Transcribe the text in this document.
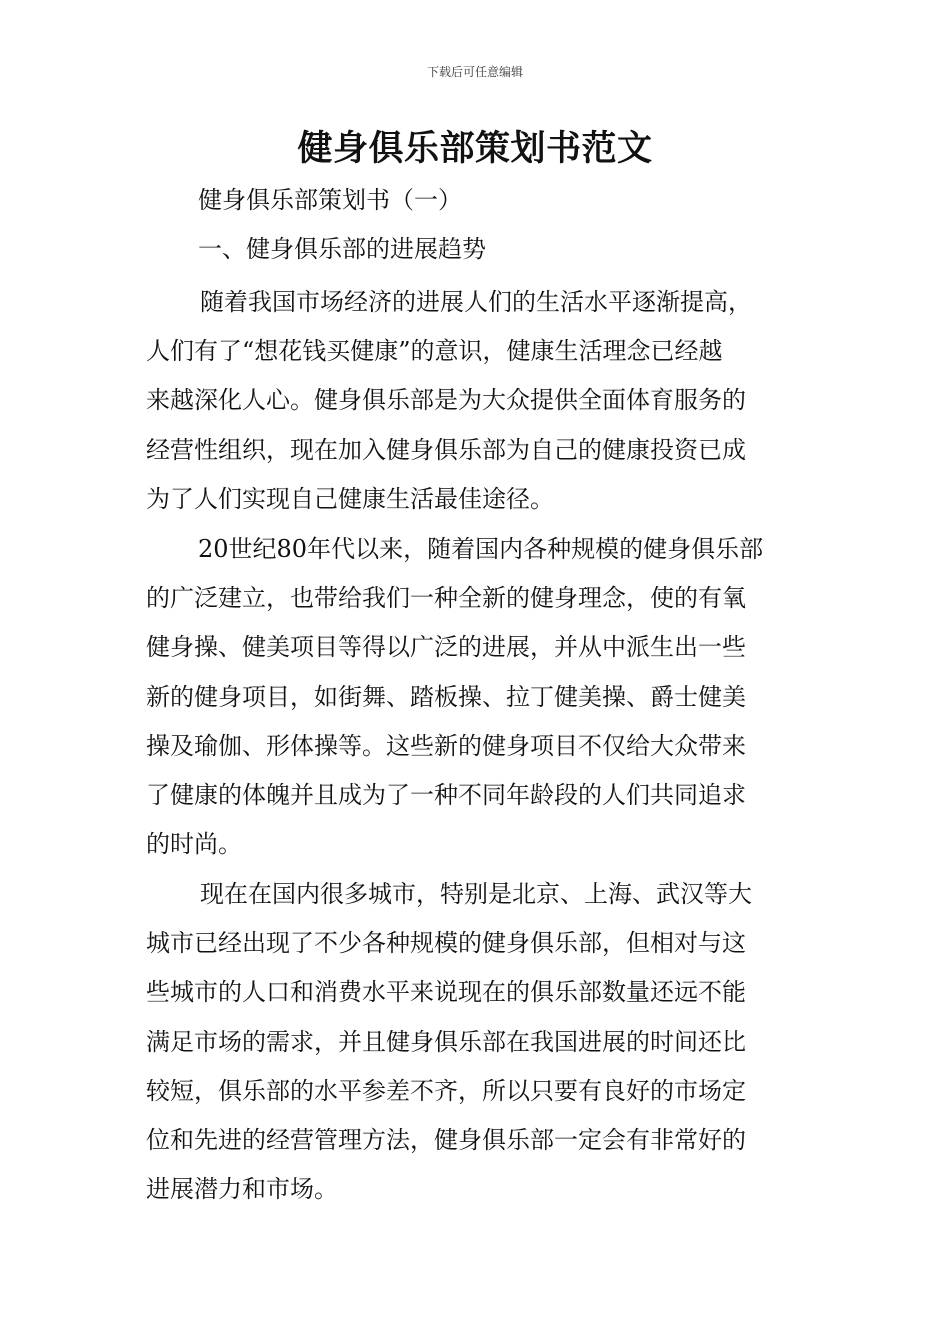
下载后可任意编辑
健身俱乐部策划书范文
健身俱乐部策划书（一）
一、健身俱乐部的进展趋势
随着我国市场经济的进展人们的生活水平逐渐提高，
人们有了“想花钱买健康”的意识，健康生活理念已经越
来越深化人心。健身俱乐部是为大众提供全面体育服务的
经营性组织，现在加入健身俱乐部为自己的健康投资已成
为了人们实现自己健康生活最佳途径。
20世纪80年代以来，随着国内各种规模的健身俱乐部
的广泛建立，也带给我们一种全新的健身理念，使的有氧
健身操、健美项目等得以广泛的进展，并从中派生出一些
新的健身项目，如街舞、踏板操、拉丁健美操、爵士健美
操及瑜伽、形体操等。这些新的健身项目不仅给大众带来
了健康的体魄并且成为了一种不同年龄段的人们共同追求
的时尚。
现在在国内很多城市，特别是北京、上海、武汉等大
城市已经出现了不少各种规模的健身俱乐部，但相对与这
些城市的人口和消费水平来说现在的俱乐部数量还远不能
满足市场的需求，并且健身俱乐部在我国进展的时间还比
较短，俱乐部的水平参差不齐，所以只要有良好的市场定
位和先进的经营管理方法，健身俱乐部一定会有非常好的
进展潜力和市场。
